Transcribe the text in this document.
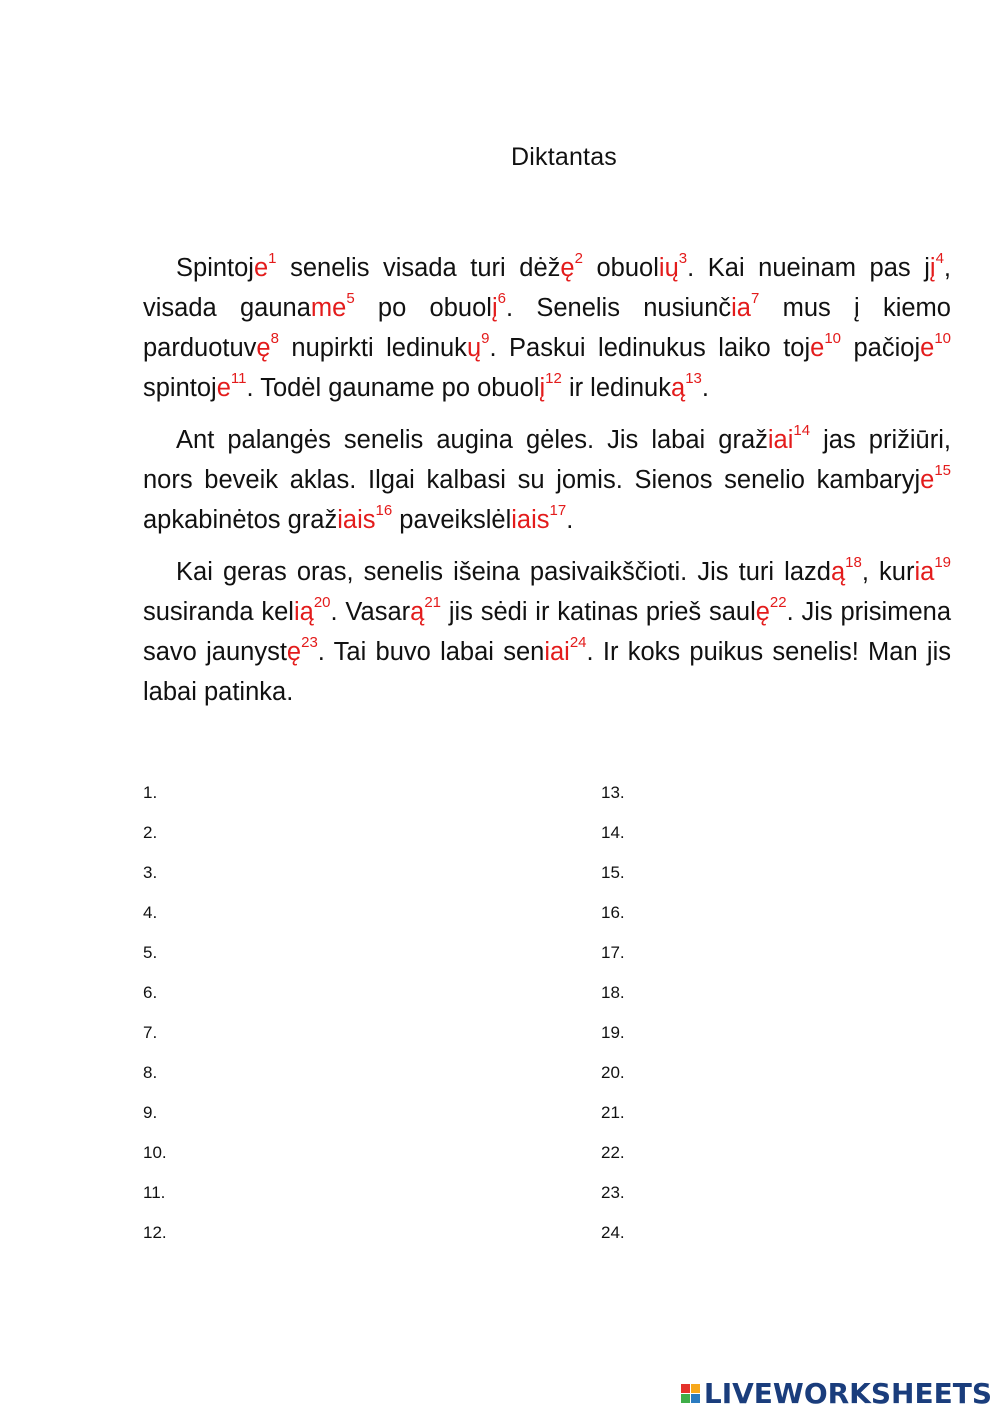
Diktantas

Spintoje$^1$ senelis visada turi dėžę$^2$ obuolių$^3$. Kai nueinam pas $jį^4$, visada gauname$^5$ po obuolį$^6$. Senelis nusiunčia$^7$ mus į kiemo parduotuvę$^8$ nupirkti ledinukų$^9$. Paskui ledinukus laiko toje$^{10}$ pačioje$^{10}$ spintoje$^{11}$. Todėl gauname po obuolį$^{12}$ ir ledinuką$^{13}$.

Ant palangės senelis augina gėles. Jis labai gražiai$^{14}$ jas prižiūri, nors beveik aklas. Ilgai kalbasi su jomis. Sienos senelio kambaryje$^{15}$ apkabinėtos gražiais$^{16}$ paveikslėliais$^{17}$.

Kai geras oras, senelis išeina pasivaikščioti. Jis turi lazdą$^{18}$, kuria$^{19}$ susiranda kelią$^{20}$. Vasarą$^{21}$ jis sėdi ir katinas prieš saulę$^{22}$. Jis prisimena savo jaunystę$^{23}$. Tai buvo labai seniai$^{24}$. Ir koks puikus senelis! Man jis labai patinka.

1.
2.
3.
4.
5.
6.
7.
8.
9.
10.
11.
12.
13.
14.
15.
16.
17.
18.
19.
20.
21.
22.
23.
24.
LIVEWORKSHEETS
